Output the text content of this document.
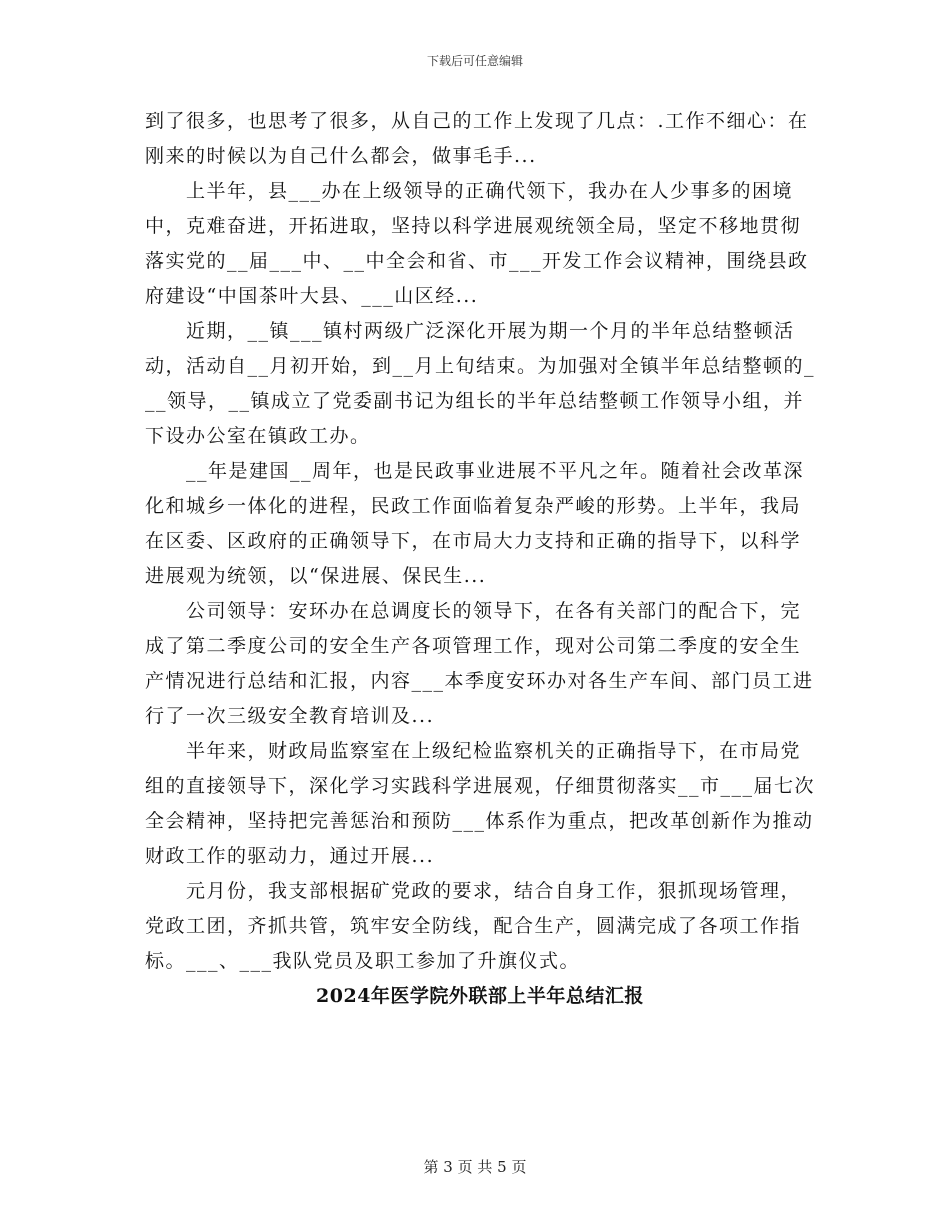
下载后可任意编辑

到了很多，也思考了很多，从自己的工作上发现了几点：.工作不细心：在刚来的时候以为自己什么都会，做事毛手...

上半年，县___办在上级领导的正确代领下，我办在人少事多的困境中，克难奋进，开拓进取，坚持以科学进展观统领全局，坚定不移地贯彻落实党的__届___中、__中全会和省、市___开发工作会议精神，围绕县政府建设“中国茶叶大县、___山区经...

近期，__镇___镇村两级广泛深化开展为期一个月的半年总结整顿活动，活动自__月初开始，到__月上旬结束。为加强对全镇半年总结整顿的___领导，__镇成立了党委副书记为组长的半年总结整顿工作领导小组，并下设办公室在镇政工办。

__年是建国__周年，也是民政事业进展不平凡之年。随着社会改革深化和城乡一体化的进程，民政工作面临着复杂严峻的形势。上半年，我局在区委、区政府的正确领导下，在市局大力支持和正确的指导下，以科学进展观为统领，以“保进展、保民生...

公司领导：安环办在总调度长的领导下，在各有关部门的配合下，完成了第二季度公司的安全生产各项管理工作，现对公司第二季度的安全生产情况进行总结和汇报，内容___本季度安环办对各生产车间、部门员工进行了一次三级安全教育培训及...

半年来，财政局监察室在上级纪检监察机关的正确指导下，在市局党组的直接领导下，深化学习实践科学进展观，仔细贯彻落实__市___届七次全会精神，坚持把完善惩治和预防___体系作为重点，把改革创新作为推动财政工作的驱动力，通过开展...

元月份，我支部根据矿党政的要求，结合自身工作，狠抓现场管理，党政工团，齐抓共管，筑牢安全防线，配合生产，圆满完成了各项工作指标。___、___我队党员及职工参加了升旗仪式。

2024年医学院外联部上半年总结汇报
第 3 页 共 5 页
